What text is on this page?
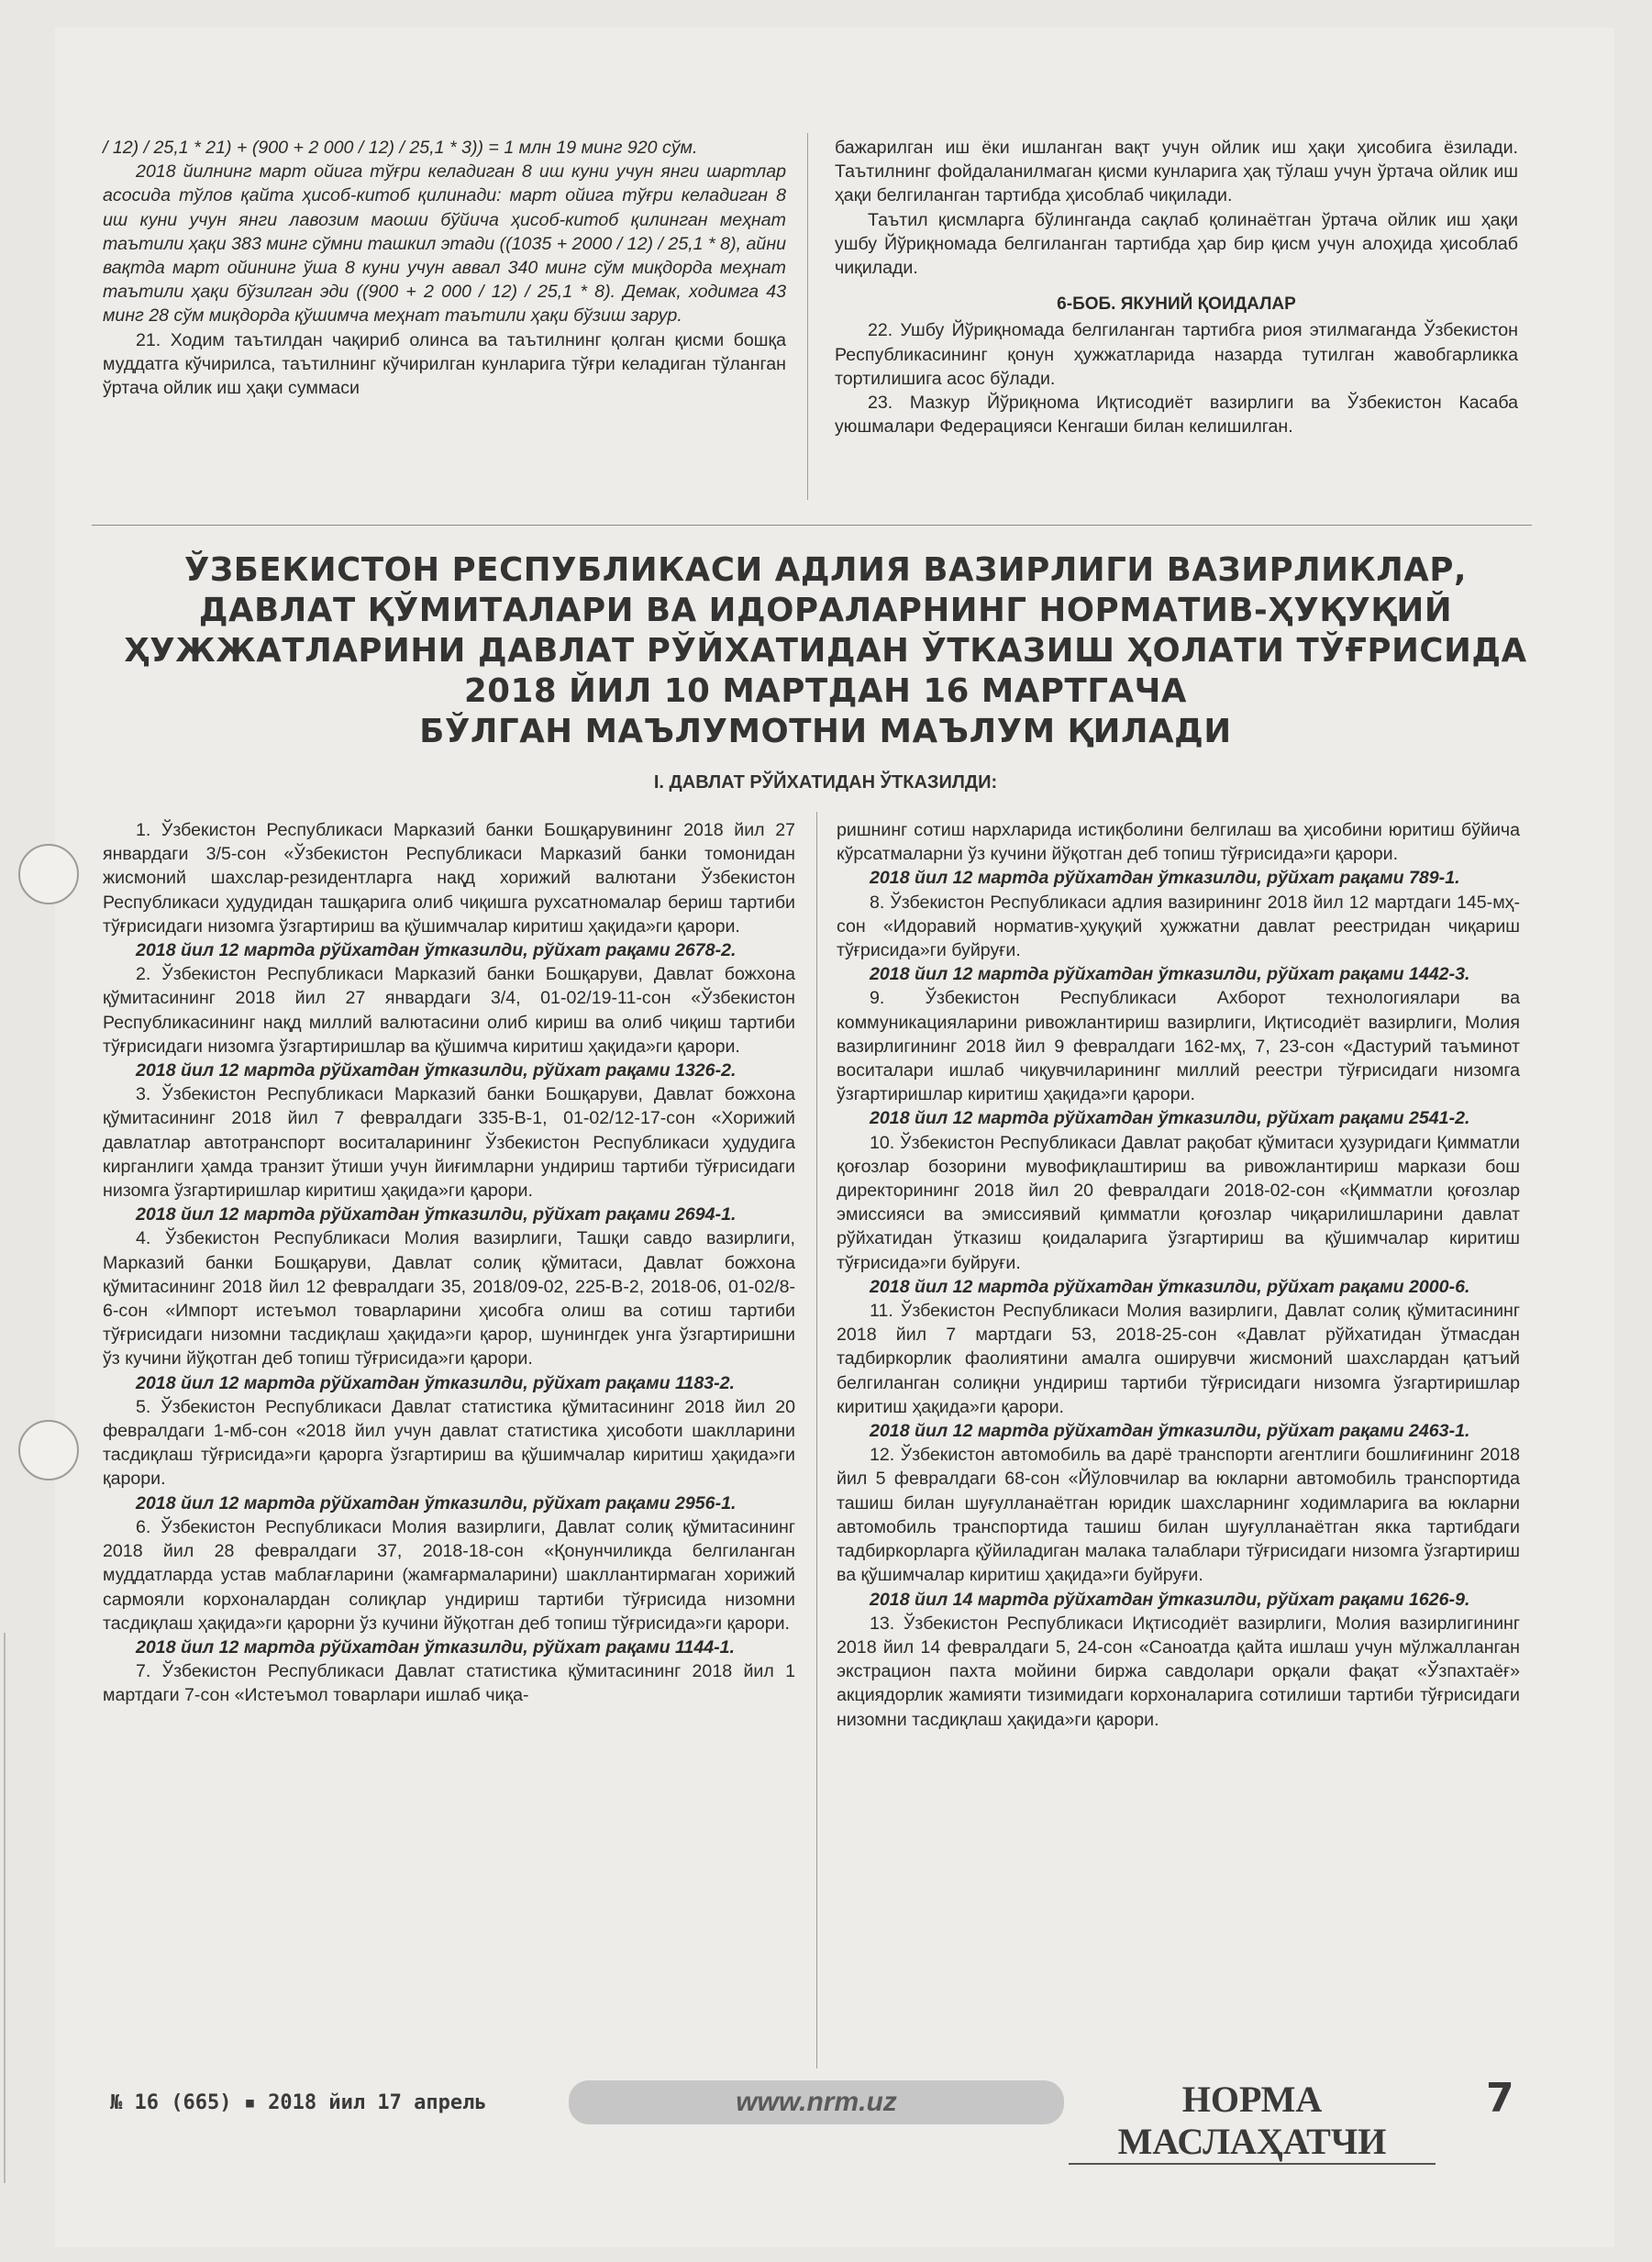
/ 12) / 25,1 * 21) + (900 + 2 000 / 12) / 25,1 * 3)) = 1 млн 19 минг 920 сўм.

2018 йилнинг март ойига тўғри келадиган 8 иш куни учун янги шартлар асосида тўлов қайта ҳисоб-китоб қилинади: март ойига тўғри келадиган 8 иш куни учун янги лавозим маоши бўйича ҳисоб-китоб қилинган меҳнат таътили ҳақи 383 минг сўмни ташкил этади ((1035 + 2000 / 12) / 25,1 * 8), айни вақтда март ойининг ўша 8 куни учун аввал 340 минг сўм миқдорда меҳнат таътили ҳақи бўзилган эди ((900 + 2 000 / 12) / 25,1 * 8). Демак, ходимга 43 минг 28 сўм миқдорда қўшимча меҳнат таътили ҳақи бўзиш зарур.

21. Ходим таътилдан чақириб олинса ва таътилнинг қолган қисми бошқа муддатга кўчирилса, таътилнинг кўчирилган кунларига тўғри келадиган тўланган ўртача ойлик иш ҳақи суммаси

бажарилган иш ёки ишланган вақт учун ойлик иш ҳақи ҳисобига ёзилади. Таътилнинг фойдаланилмаган қисми кунларига ҳақ тўлаш учун ўртача ойлик иш ҳақи белгиланган тартибда ҳисоблаб чиқилади.

Таътил қисмларга бўлинганда сақлаб қолинаётган ўртача ойлик иш ҳақи ушбу Йўриқномада белгиланган тартибда ҳар бир қисм учун алоҳида ҳисоблаб чиқилади.

6-БОБ. ЯКУНИЙ ҚОИДАЛАР

22. Ушбу Йўриқномада белгиланган тартибга риоя этилмаганда Ўзбекистон Республикасининг қонун ҳужжатларида назарда тутилган жавобгарликка тортилишига асос бўлади.

23. Мазкур Йўриқнома Иқтисодиёт вазирлиги ва Ўзбекистон Касаба уюшмалари Федерацияси Кенгаши билан келишилган.

ЎЗБЕКИСТОН РЕСПУБЛИКАСИ АДЛИЯ ВАЗИРЛИГИ ВАЗИРЛИКЛАР,
ДАВЛАТ ҚЎМИТАЛАРИ ВА ИДОРАЛАРНИНГ НОРМАТИВ-ҲУҚУҚИЙ
ҲУЖЖАТЛАРИНИ ДАВЛАТ РЎЙХАТИДАН ЎТКАЗИШ ҲОЛАТИ ТЎҒРИСИДА
2018 ЙИЛ 10 МАРТДАН 16 МАРТГАЧА
БЎЛГАН МАЪЛУМОТНИ МАЪЛУМ ҚИЛАДИ
I. ДАВЛАТ РЎЙХАТИДАН ЎТКАЗИЛДИ:

1. Ўзбекистон Республикаси Марказий банки Бошқарувининг 2018 йил 27 январдаги 3/5-сон «Ўзбекистон Республикаси Марказий банки томонидан жисмоний шахслар-резидентларга нақд хорижий валютани Ўзбекистон Республикаси ҳудудидан ташқарига олиб чиқишга рухсатномалар бериш тартиби тўғрисидаги низомга ўзгартириш ва қўшимчалар киритиш ҳақида»ги қарори.

2018 йил 12 мартда рўйхатдан ўтказилди, рўйхат рақами 2678-2.

2. Ўзбекистон Республикаси Марказий банки Бошқаруви, Давлат божхона қўмитасининг 2018 йил 27 январдаги 3/4, 01-02/19-11-сон «Ўзбекистон Республикасининг нақд миллий валютасини олиб кириш ва олиб чиқиш тартиби тўғрисидаги низомга ўзгартиришлар ва қўшимча киритиш ҳақида»ги қарори.

2018 йил 12 мартда рўйхатдан ўтказилди, рўйхат рақами 1326-2.

3. Ўзбекистон Республикаси Марказий банки Бошқаруви, Давлат божхона қўмитасининг 2018 йил 7 февралдаги 335-В-1, 01-02/12-17-сон «Хорижий давлатлар автотранспорт воситаларининг Ўзбекистон Республикаси ҳудудига кирганлиги ҳамда транзит ўтиши учун йиғимларни ундириш тартиби тўғрисидаги низомга ўзгартиришлар киритиш ҳақида»ги қарори.

2018 йил 12 мартда рўйхатдан ўтказилди, рўйхат рақами 2694-1.

4. Ўзбекистон Республикаси Молия вазирлиги, Ташқи савдо вазирлиги, Марказий банки Бошқаруви, Давлат солиқ қўмитаси, Давлат божхона қўмитасининг 2018 йил 12 февралдаги 35, 2018/09-02, 225-В-2, 2018-06, 01-02/8-6-сон «Импорт истеъмол товарларини ҳисобга олиш ва сотиш тартиби тўғрисидаги низомни тасдиқлаш ҳақида»ги қарор, шунингдек унга ўзгартиришни ўз кучини йўқотган деб топиш тўғрисида»ги қарори.

2018 йил 12 мартда рўйхатдан ўтказилди, рўйхат рақами 1183-2.

5. Ўзбекистон Республикаси Давлат статистика қўмитасининг 2018 йил 20 февралдаги 1-мб-сон «2018 йил учун давлат статистика ҳисоботи шаклларини тасдиқлаш тўғрисида»ги қарорга ўзгартириш ва қўшимчалар киритиш ҳақида»ги қарори.

2018 йил 12 мартда рўйхатдан ўтказилди, рўйхат рақами 2956-1.

6. Ўзбекистон Республикаси Молия вазирлиги, Давлат солиқ қўмитасининг 2018 йил 28 февралдаги 37, 2018-18-сон «Қонунчиликда белгиланган муддатларда устав маблағларини (жамғармаларини) шакллантирмаган хорижий сармояли корхоналардан солиқлар ундириш тартиби тўғрисида низомни тасдиқлаш ҳақида»ги қарорни ўз кучини йўқотган деб топиш тўғрисида»ги қарори.

2018 йил 12 мартда рўйхатдан ўтказилди, рўйхат рақами 1144-1.

7. Ўзбекистон Республикаси Давлат статистика қўмитасининг 2018 йил 1 мартдаги 7-сон «Истеъмол товарлари ишлаб чиқа-

ришнинг сотиш нархларида истиқболини белгилаш ва ҳисобини юритиш бўйича кўрсатмаларни ўз кучини йўқотган деб топиш тўғрисида»ги қарори.

2018 йил 12 мартда рўйхатдан ўтказилди, рўйхат рақами 789-1.

8. Ўзбекистон Республикаси адлия вазирининг 2018 йил 12 мартдаги 145-мҳ-сон «Идоравий норматив-ҳуқуқий ҳужжатни давлат реестридан чиқариш тўғрисида»ги буйруғи.

2018 йил 12 мартда рўйхатдан ўтказилди, рўйхат рақами 1442-3.

9. Ўзбекистон Республикаси Ахборот технологиялари ва коммуникацияларини ривожлантириш вазирлиги, Иқтисодиёт вазирлиги, Молия вазирлигининг 2018 йил 9 февралдаги 162-мҳ, 7, 23-сон «Дастурий таъминот воситалари ишлаб чиқувчиларининг миллий реестри тўғрисидаги низомга ўзгартиришлар киритиш ҳақида»ги қарори.

2018 йил 12 мартда рўйхатдан ўтказилди, рўйхат рақами 2541-2.

10. Ўзбекистон Республикаси Давлат рақобат қўмитаси ҳузуридаги Қимматли қоғозлар бозорини мувофиқлаштириш ва ривожлантириш маркази бош директорининг 2018 йил 20 февралдаги 2018-02-сон «Қимматли қоғозлар эмиссияси ва эмиссиявий қимматли қоғозлар чиқарилишларини давлат рўйхатидан ўтказиш қоидаларига ўзгартириш ва қўшимчалар киритиш тўғрисида»ги буйруғи.

2018 йил 12 мартда рўйхатдан ўтказилди, рўйхат рақами 2000-6.

11. Ўзбекистон Республикаси Молия вазирлиги, Давлат солиқ қўмитасининг 2018 йил 7 мартдаги 53, 2018-25-сон «Давлат рўйхатидан ўтмасдан тадбиркорлик фаолиятини амалга оширувчи жисмоний шахслардан қатъий белгиланган солиқни ундириш тартиби тўғрисидаги низомга ўзгартиришлар киритиш ҳақида»ги қарори.

2018 йил 12 мартда рўйхатдан ўтказилди, рўйхат рақами 2463-1.

12. Ўзбекистон автомобиль ва дарё транспорти агентлиги бошлиғининг 2018 йил 5 февралдаги 68-сон «Йўловчилар ва юкларни автомобиль транспортида ташиш билан шуғулланаётган юридик шахсларнинг ходимларига ва юкларни автомобиль транспортида ташиш билан шуғулланаётган якка тартибдаги тадбиркорларга қўйиладиган малака талаблари тўғрисидаги низомга ўзгартириш ва қўшимчалар киритиш ҳақида»ги буйруғи.

2018 йил 14 мартда рўйхатдан ўтказилди, рўйхат рақами 1626-9.

13. Ўзбекистон Республикаси Иқтисодиёт вазирлиги, Молия вазирлигининг 2018 йил 14 февралдаги 5, 24-сон «Саноатда қайта ишлаш учун мўлжалланган экстрацион пахта мойини биржа савдолари орқали фақат «Ўзпахтаёғ» акциядорлик жамияти тизимидаги корхоналарига сотилиши тартиби тўғрисидаги низомни тасдиқлаш ҳақида»ги қарори.

№ 16 (665) ▪ 2018 йил 17 апрель	www.nrm.uz	НОРМА МАСЛАҲАТЧИ
7
